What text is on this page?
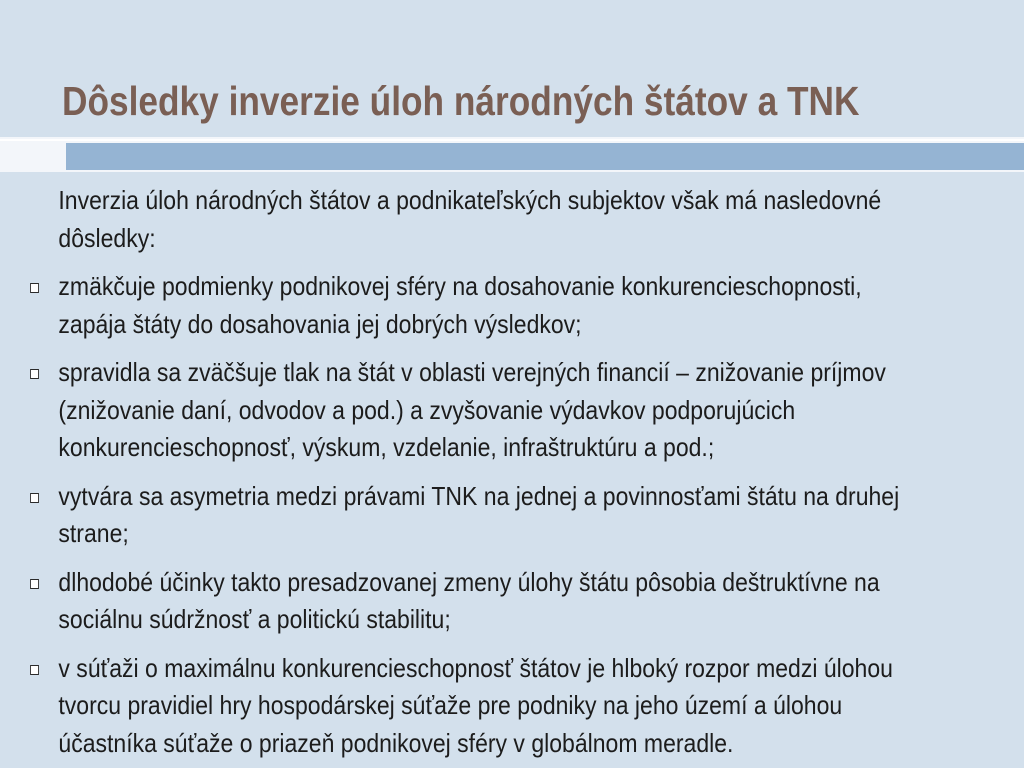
Dôsledky inverzie úloh národných štátov a TNK

Inverzia úloh národných štátov a podnikateľských subjektov však má nasledovné dôsledky:

zmäkčuje podmienky podnikovej sféry na dosahovanie konkurencieschopnosti, zapája štáty do dosahovania jej dobrých výsledkov;

spravidla sa zväčšuje tlak na štát v oblasti verejných financií – znižovanie príjmov (znižovanie daní, odvodov a pod.) a zvyšovanie výdavkov podporujúcich konkurencieschopnosť, výskum, vzdelanie, infraštruktúru a pod.;

vytvára sa asymetria medzi právami TNK na jednej a povinnosťami štátu na druhej strane;

dlhodobé účinky takto presadzovanej zmeny úlohy štátu pôsobia deštruktívne na sociálnu súdržnosť a politickú stabilitu;

v súťaži o maximálnu konkurencieschopnosť štátov je hlboký rozpor medzi úlohou tvorcu pravidiel hry hospodárskej súťaže pre podniky na jeho území a úlohou účastníka súťaže o priazeň podnikovej sféry v globálnom meradle.
